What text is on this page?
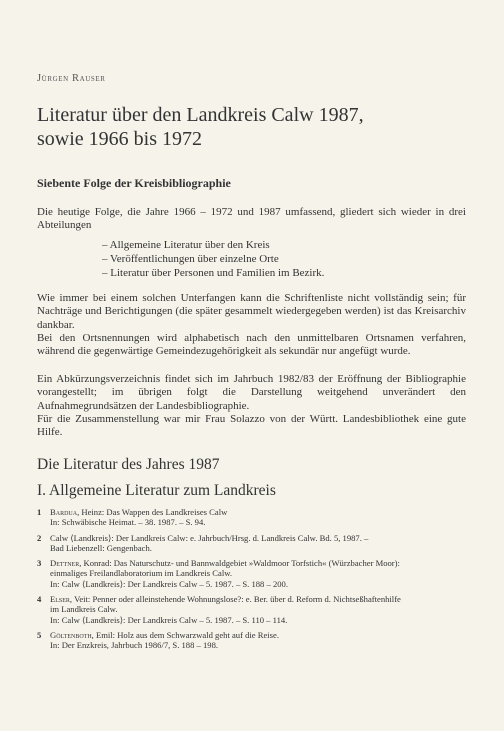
Jürgen Rauser
Literatur über den Landkreis Calw 1987,
sowie 1966 bis 1972
Siebente Folge der Kreisbibliographie
Die heutige Folge, die Jahre 1966 – 1972 und 1987 umfassend, gliedert sich wieder in drei Abteilungen
– Allgemeine Literatur über den Kreis
– Veröffentlichungen über einzelne Orte
– Literatur über Personen und Familien im Bezirk.
Wie immer bei einem solchen Unterfangen kann die Schriftenliste nicht vollständig sein; für Nachträge und Berichtigungen (die später gesammelt wiedergegeben werden) ist das Kreisarchiv dankbar.
Bei den Ortsnennungen wird alphabetisch nach den unmittelbaren Ortsnamen verfahren, während die gegenwärtige Gemeindezugehörigkeit als sekundär nur angefügt wurde.
Ein Abkürzungsverzeichnis findet sich im Jahrbuch 1982/83 der Eröffnung der Bibliographie vorangestellt; im übrigen folgt die Darstellung weitgehend unverändert den Aufnahmegrundsätzen der Landesbibliographie.
Für die Zusammenstellung war mir Frau Solazzo von der Württ. Landesbibliothek eine gute Hilfe.
Die Literatur des Jahres 1987
I. Allgemeine Literatur zum Landkreis
1 Bardua, Heinz: Das Wappen des Landkreises Calw
In: Schwäbische Heimat. – 38. 1987. – S. 94.
2 Calw ⟨Landkreis⟩: Der Landkreis Calw: e. Jahrbuch/Hrsg. d. Landkreis Calw. Bd. 5, 1987. –
Bad Liebenzell: Gengenbach.
3 Dettner, Konrad: Das Naturschutz- und Bannwaldgebiet »Waldmoor Torfstich« (Würzbacher Moor):
einmaliges Freilandlaboratorium im Landkreis Calw.
In: Calw ⟨Landkreis⟩: Der Landkreis Calw – 5. 1987. – S. 188 – 200.
4 Elser, Veit: Penner oder alleinstehende Wohnungslose?: e. Ber. über d. Reform d. Nichtseßhaftenhilfe
im Landkreis Calw.
In: Calw ⟨Landkreis⟩: Der Landkreis Calw – 5. 1987. – S. 110 – 114.
5 Göltenboth, Emil: Holz aus dem Schwarzwald geht auf die Reise.
In: Der Enzkreis, Jahrbuch 1986/7, S. 188 – 198.
